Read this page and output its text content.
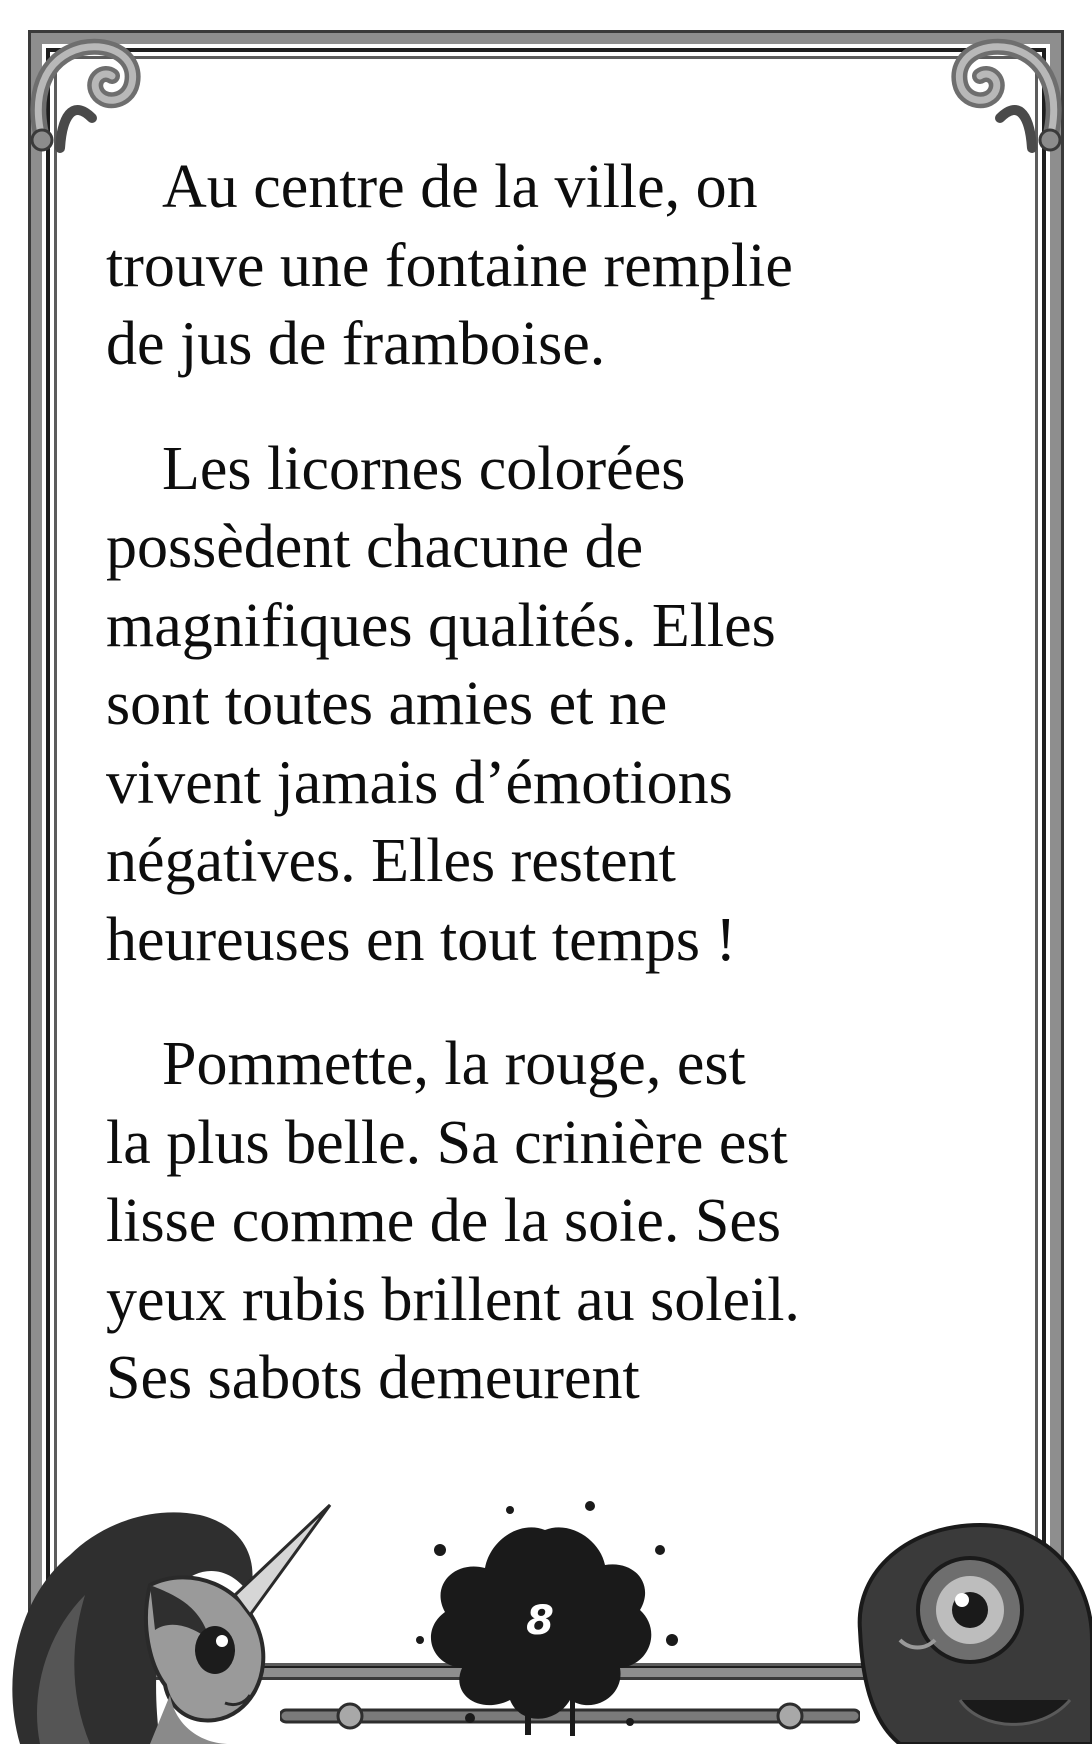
Au centre de la ville, on
trouve une fontaine remplie
de jus de framboise.

Les licornes colorées
possèdent chacune de
magnifiques qualités. Elles
sont toutes amies et ne
vivent jamais d’émotions
négatives. Elles restent
heureuses en tout temps !

Pommette, la rouge, est
la plus belle. Sa crinière est
lisse comme de la soie. Ses
yeux rubis brillent au soleil.
Ses sabots demeurent

8
